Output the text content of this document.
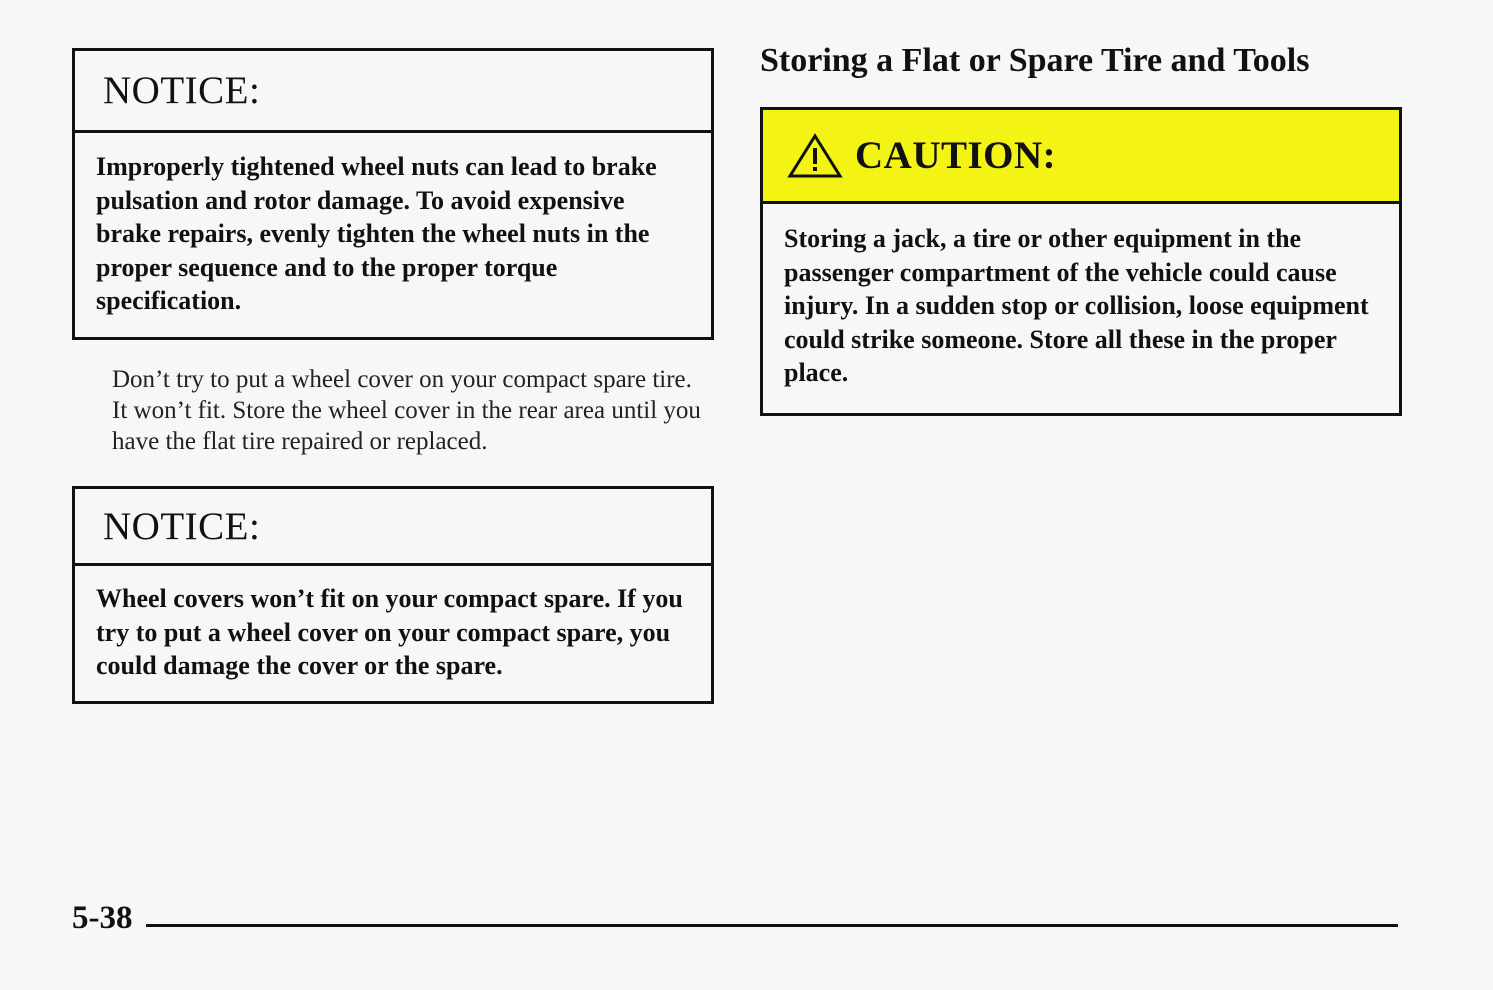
NOTICE:
Improperly tightened wheel nuts can lead to brake pulsation and rotor damage. To avoid expensive brake repairs, evenly tighten the wheel nuts in the proper sequence and to the proper torque specification.
Don’t try to put a wheel cover on your compact spare tire. It won’t fit. Store the wheel cover in the rear area until you have the flat tire repaired or replaced.
NOTICE:
Wheel covers won’t fit on your compact spare. If you try to put a wheel cover on your compact spare, you could damage the cover or the spare.
Storing a Flat or Spare Tire and Tools
CAUTION:
Storing a jack, a tire or other equipment in the passenger compartment of the vehicle could cause injury. In a sudden stop or collision, loose equipment could strike someone. Store all these in the proper place.
5-38
